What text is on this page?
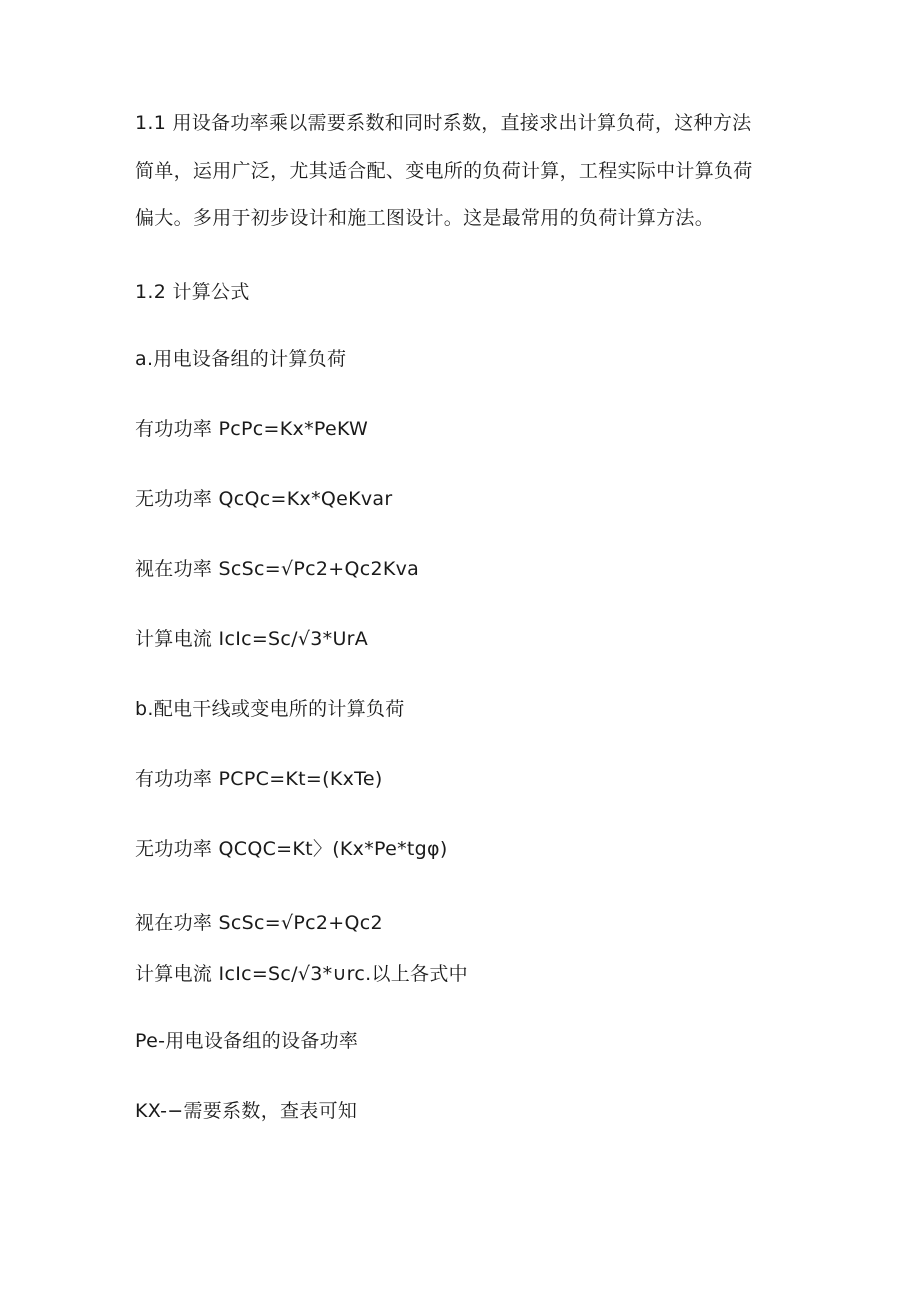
1.1 用设备功率乘以需要系数和同时系数，直接求出计算负荷，这种方法
简单，运用广泛，尤其适合配、变电所的负荷计算，工程实际中计算负荷
偏大。多用于初步设计和施工图设计。这是最常用的负荷计算方法。
1.2 计算公式
a.用电设备组的计算负荷
有功功率 PcPc=Kx*PeKW
无功功率 QcQc=Kx*QeKvar
视在功率 ScSc=√Pc2+Qc2Kva
计算电流 IcIc=Sc/√3*UrA
b.配电干线或变电所的计算负荷
有功功率 PCPC=Kt=(KxTe)
无功功率 QCQC=Kt〉(Kx*Pe*tgφ)
视在功率 ScSc=√Pc2+Qc2
计算电流 IcIc=Sc/√3*∪rc.以上各式中
Pe-用电设备组的设备功率
KX-−需要系数，查表可知
